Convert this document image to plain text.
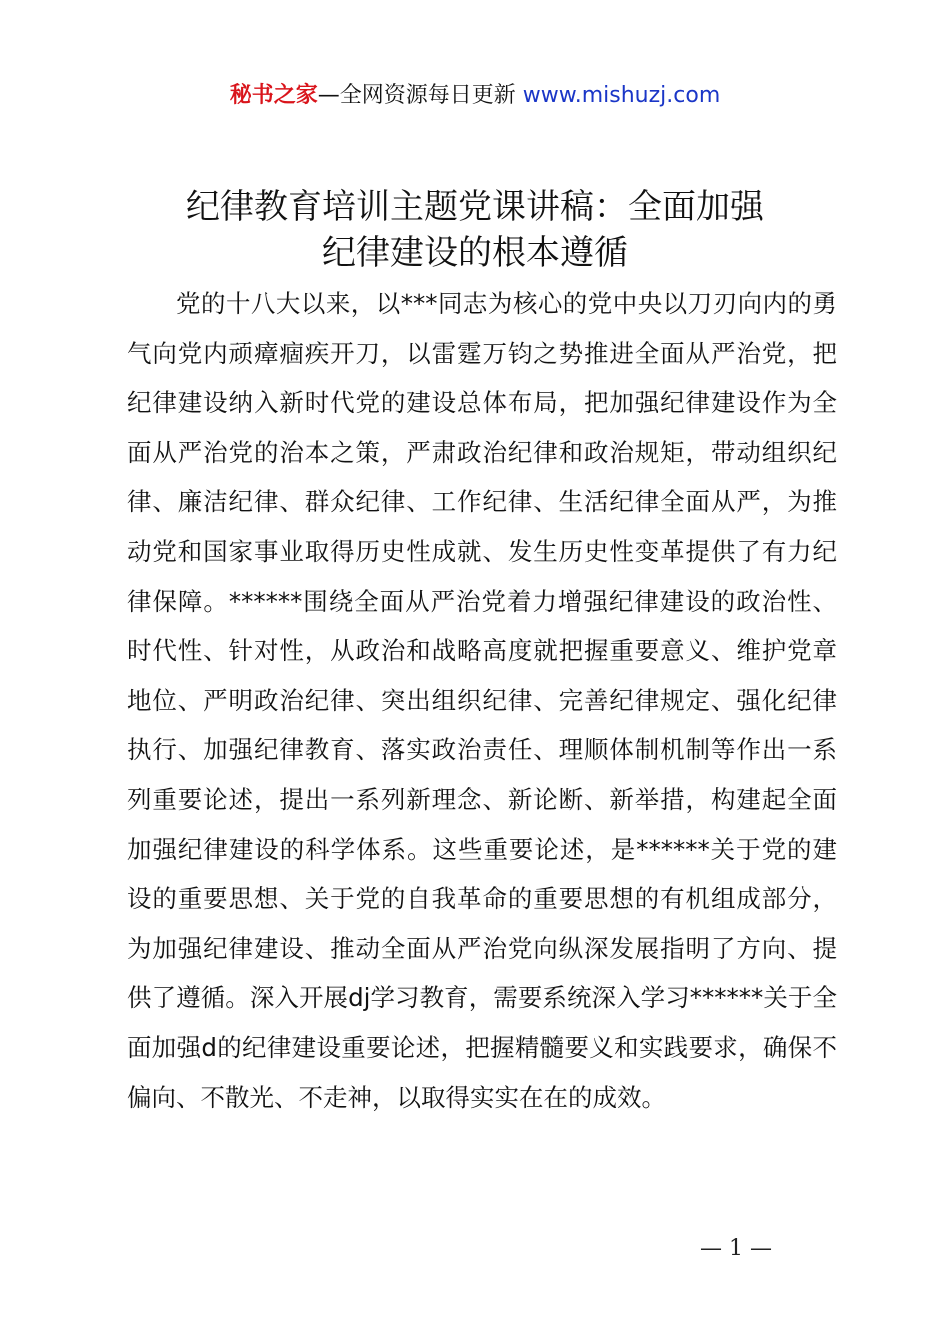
秘书之家—全网资源每日更新 www.mishuzj.com
纪律教育培训主题党课讲稿：全面加强
纪律建设的根本遵循

党的十八大以来，以***同志为核心的党中央以刀刃向内的勇气向党内顽瘴痼疾开刀，以雷霆万钧之势推进全面从严治党，把纪律建设纳入新时代党的建设总体布局，把加强纪律建设作为全面从严治党的治本之策，严肃政治纪律和政治规矩，带动组织纪律、廉洁纪律、群众纪律、工作纪律、生活纪律全面从严，为推动党和国家事业取得历史性成就、发生历史性变革提供了有力纪律保障。******围绕全面从严治党着力增强纪律建设的政治性、时代性、针对性，从政治和战略高度就把握重要意义、维护党章地位、严明政治纪律、突出组织纪律、完善纪律规定、强化纪律执行、加强纪律教育、落实政治责任、理顺体制机制等作出一系列重要论述，提出一系列新理念、新论断、新举措，构建起全面加强纪律建设的科学体系。这些重要论述，是******关于党的建设的重要思想、关于党的自我革命的重要思想的有机组成部分，为加强纪律建设、推动全面从严治党向纵深发展指明了方向、提供了遵循。深入开展dj学习教育，需要系统深入学习******关于全面加强d的纪律建设重要论述，把握精髓要义和实践要求，确保不偏向、不散光、不走神，以取得实实在在的成效。

— 1 —
